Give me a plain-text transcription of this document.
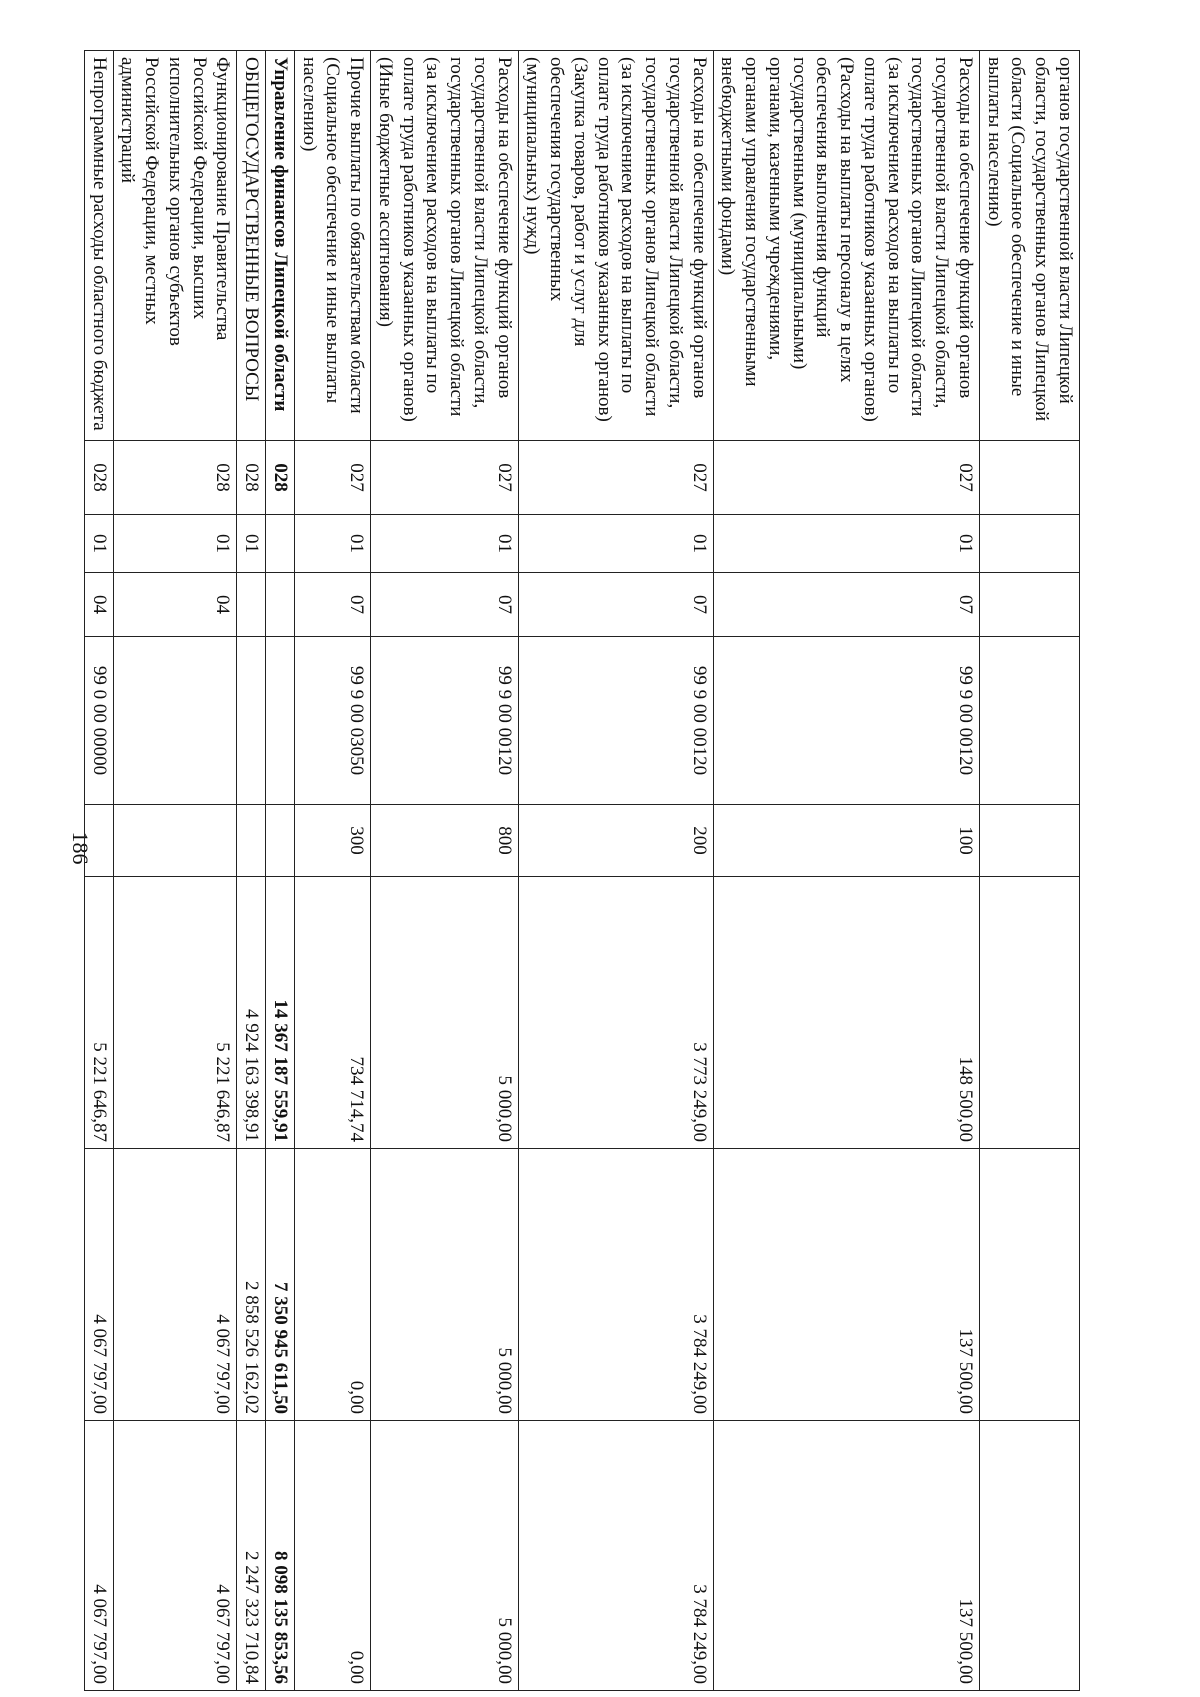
186
органов государственной власти Липецкой области, государственных органов Липецкой области (Социальное обеспечение и иные выплаты населению)								
Расходы на обеспечение функций органов государственной власти Липецкой области, государственных органов Липецкой области (за исключением расходов на выплаты по оплате труда работников указанных органов) (Расходы на выплаты персоналу в целях обеспечения выполнения функций государственными (муниципальными) органами, казенными учреждениями, органами управления государственными внебюджетными фондами)	027	01	07	99 9 00 00120	100	148 500,00	137 500,00	137 500,00
Расходы на обеспечение функций органов государственной власти Липецкой области, государственных органов Липецкой области (за исключением расходов на выплаты по оплате труда работников указанных органов) (Закупка товаров, работ и услуг для обеспечения государственных (муниципальных) нужд)	027	01	07	99 9 00 00120	200	3 773 249,00	3 784 249,00	3 784 249,00
Расходы на обеспечение функций органов государственной власти Липецкой области, государственных органов Липецкой области (за исключением расходов на выплаты по оплате труда работников указанных органов) (Иные бюджетные ассигнования)	027	01	07	99 9 00 00120	800	5 000,00	5 000,00	5 000,00
Прочие выплаты по обязательствам области (Социальное обеспечение и иные выплаты населению)	027	01	07	99 9 00 03050	300	734 714,74	0,00	0,00
Управление финансов Липецкой области	028					14 367 187 559,91	7 350 945 611,50	8 098 135 853,56
ОБЩЕГОСУДАРСТВЕННЫЕ ВОПРОСЫ	028	01				4 924 163 398,91	2 858 526 162,02	2 247 323 710,84
Функционирование Правительства Российской Федерации, высших исполнительных органов субъектов Российской Федерации, местных администраций	028	01	04			5 221 646,87	4 067 797,00	4 067 797,00
Непрограммные расходы областного бюджета	028	01	04	99 0 00 00000		5 221 646,87	4 067 797,00	4 067 797,00
